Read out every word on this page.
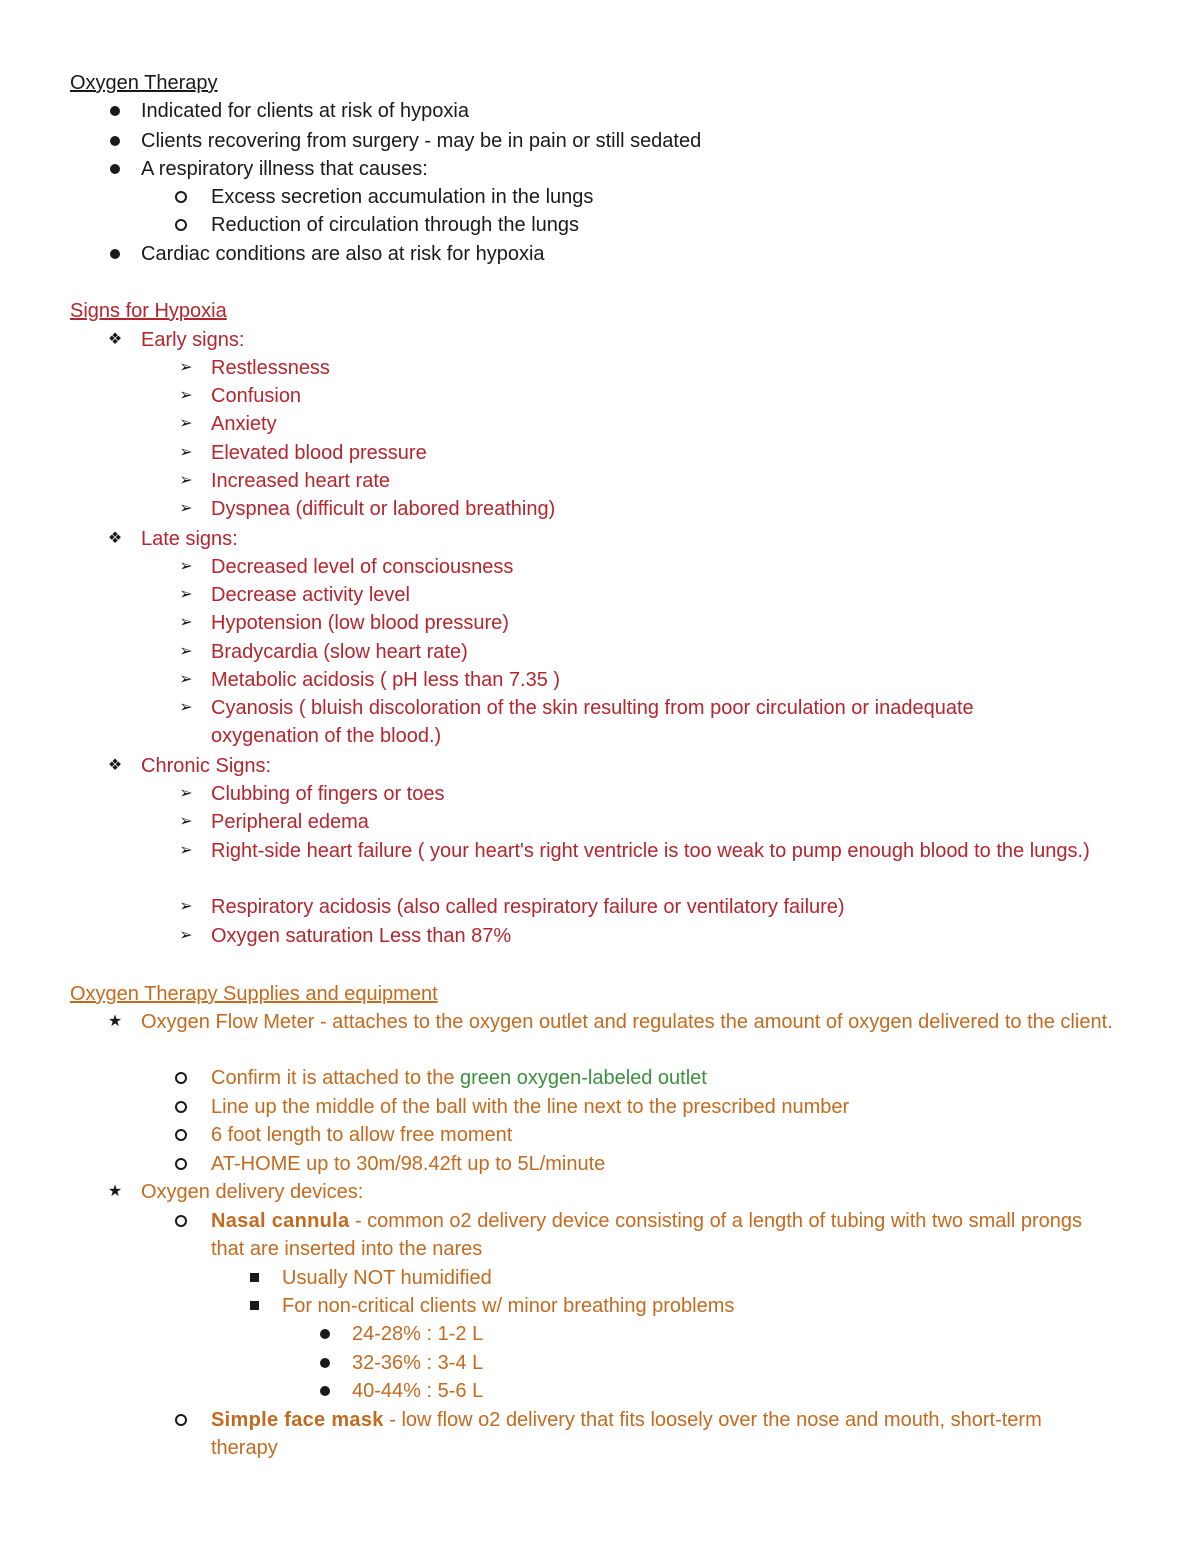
Oxygen Therapy
Indicated for clients at risk of hypoxia
Clients recovering from surgery - may be in pain or still sedated
A respiratory illness that causes:
Excess secretion accumulation in the lungs
Reduction of circulation through the lungs
Cardiac conditions are also at risk for hypoxia
Signs for Hypoxia
❖ Early signs:
➢ Restlessness
➢ Confusion
➢ Anxiety
➢ Elevated blood pressure
➢ Increased heart rate
➢ Dyspnea (difficult or labored breathing)
❖ Late signs:
➢ Decreased level of consciousness
➢ Decrease activity level
➢ Hypotension (low blood pressure)
➢ Bradycardia (slow heart rate)
➢ Metabolic acidosis ( pH less than 7.35 )
➢ Cyanosis ( bluish discoloration of the skin resulting from poor circulation or inadequate oxygenation of the blood.)
❖ Chronic Signs:
➢ Clubbing of fingers or toes
➢ Peripheral edema
➢ Right-side heart failure ( your heart's right ventricle is too weak to pump enough blood to the lungs.)
➢ Respiratory acidosis (also called respiratory failure or ventilatory failure)
➢ Oxygen saturation Less than 87%
Oxygen Therapy Supplies and equipment
★ Oxygen Flow Meter - attaches to the oxygen outlet and regulates the amount of oxygen delivered to the client.
Confirm it is attached to the green oxygen-labeled outlet
Line up the middle of the ball with the line next to the prescribed number
6 foot length to allow free moment
AT-HOME up to 30m/98.42ft up to 5L/minute
★ Oxygen delivery devices:
Nasal cannula - common o2 delivery device consisting of a length of tubing with two small prongs that are inserted into the nares
Usually NOT humidified
For non-critical clients w/ minor breathing problems
24-28% : 1-2 L
32-36% : 3-4 L
40-44% : 5-6 L
Simple face mask - low flow o2 delivery that fits loosely over the nose and mouth, short-term therapy
